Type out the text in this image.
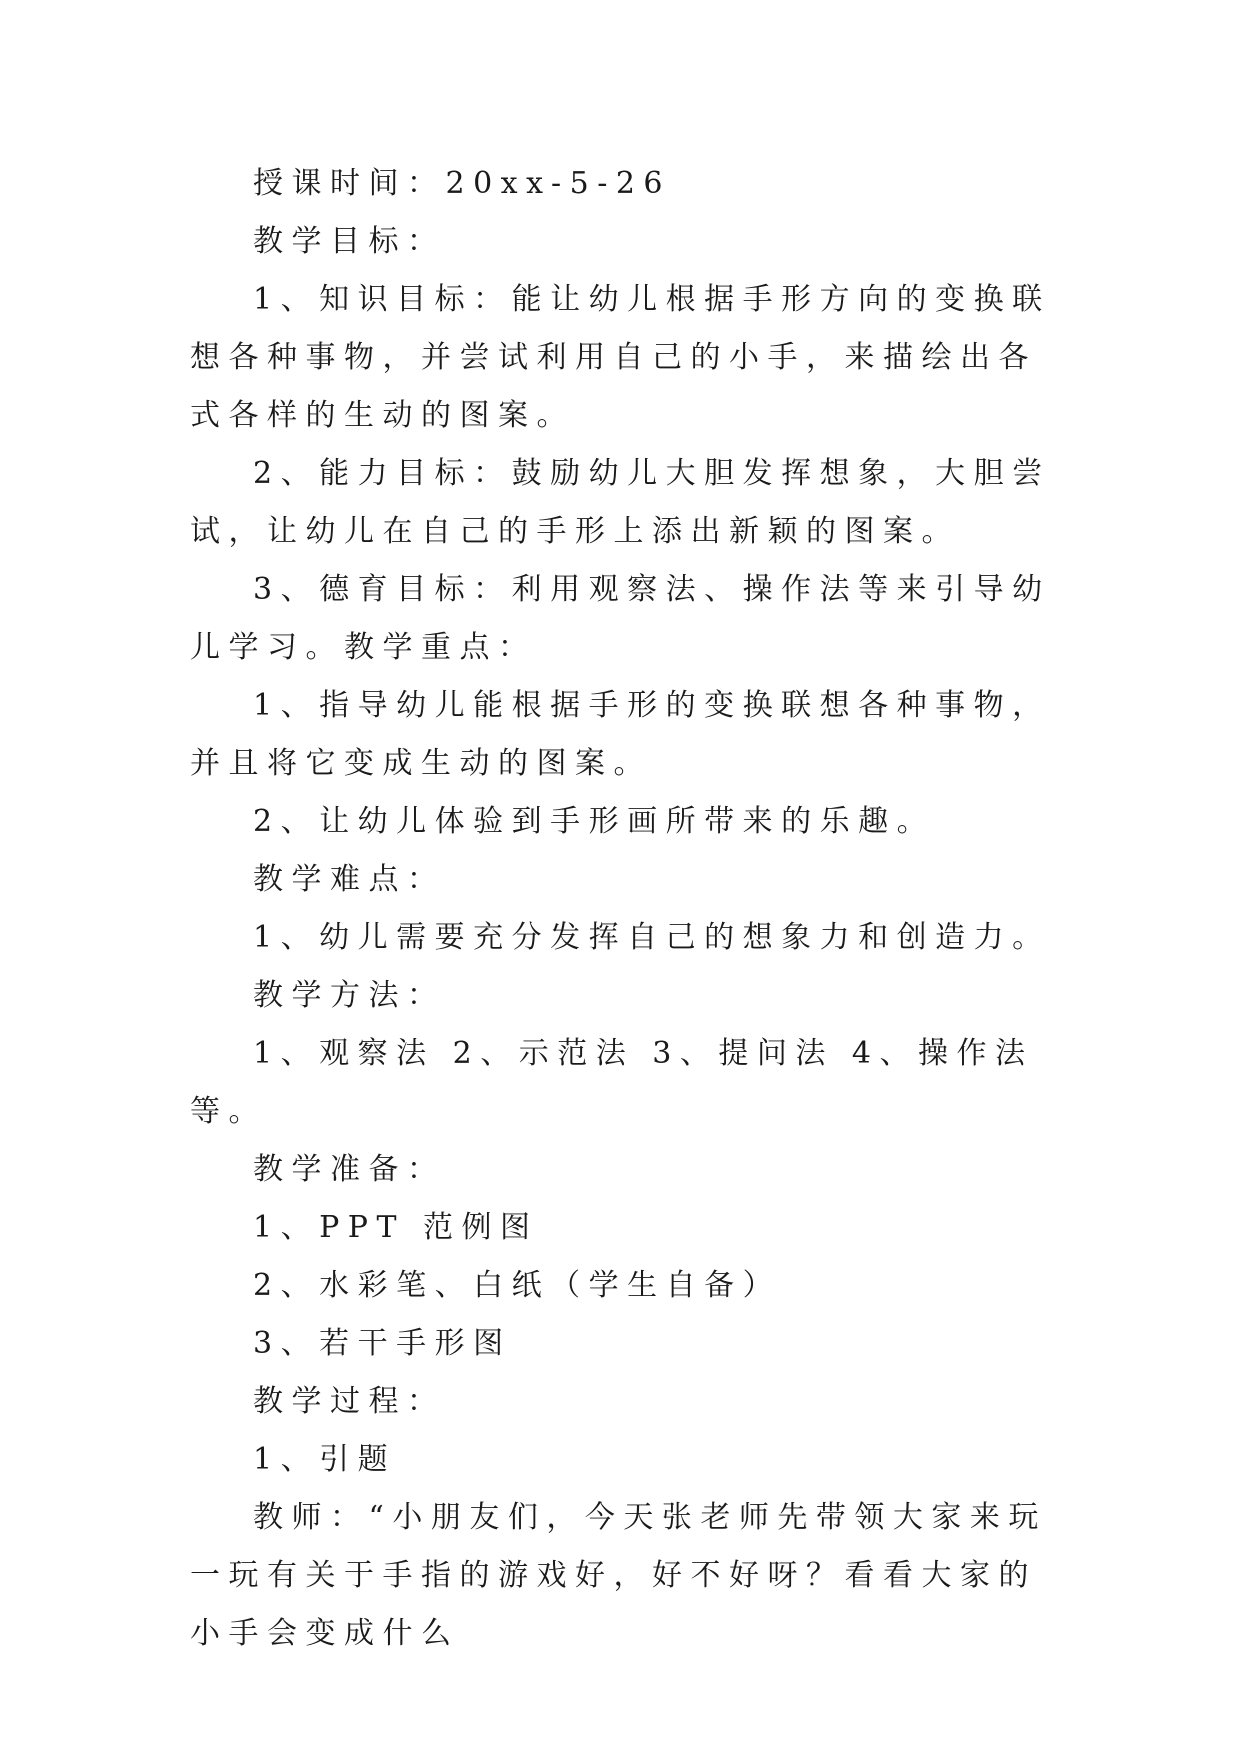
授课时间：20xx-5-26

教学目标：

1、知识目标：能让幼儿根据手形方向的变换联想各种事物，并尝试利用自己的小手，来描绘出各式各样的生动的图案。

2、能力目标：鼓励幼儿大胆发挥想象，大胆尝试，让幼儿在自己的手形上添出新颖的图案。

3、德育目标：利用观察法、操作法等来引导幼儿学习。教学重点：

1、指导幼儿能根据手形的变换联想各种事物，并且将它变成生动的图案。

2、让幼儿体验到手形画所带来的乐趣。

教学难点：

1、幼儿需要充分发挥自己的想象力和创造力。

教学方法：

1、观察法 2、示范法 3、提问法 4、操作法等。

教学准备：

1、PPT 范例图

2、水彩笔、白纸（学生自备）

3、若干手形图

教学过程：

1、引题

教师：“小朋友们，今天张老师先带领大家来玩一玩有关于手指的游戏好，好不好呀？看看大家的小手会变成什么
